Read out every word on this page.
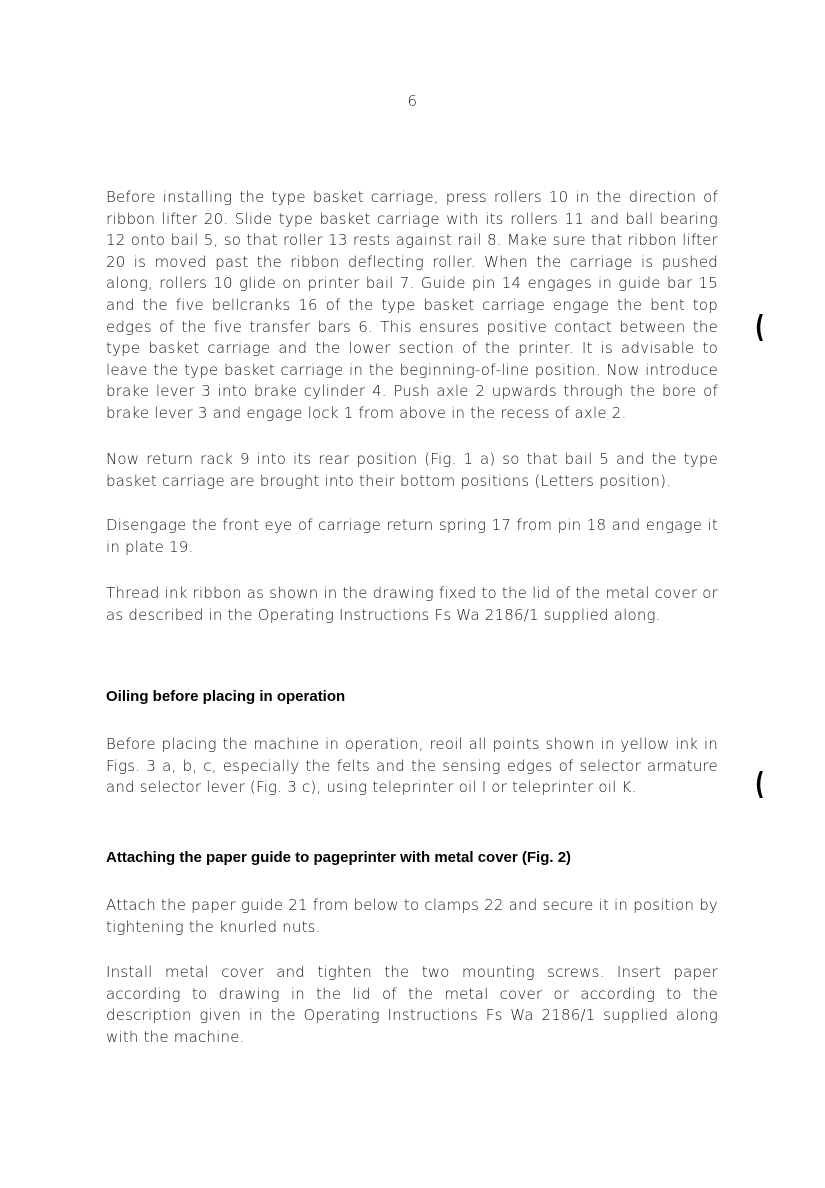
6

Before installing the type basket carriage, press rollers 10 in the direction of ribbon lifter 20. Slide type basket carriage with its rollers 11 and ball bearing 12 onto bail 5, so that roller 13 rests against rail 8. Make sure that ribbon lifter 20 is moved past the ribbon deflecting roller. When the carriage is pushed along, rollers 10 glide on printer bail 7. Guide pin 14 engages in guide bar 15 and the five bellcranks 16 of the type basket carriage engage the bent top edges of the five transfer bars 6. This ensures positive contact between the type basket carriage and the lower section of the printer. It is advisable to leave the type basket carriage in the beginning-of-line position. Now introduce brake lever 3 into brake cylinder 4. Push axle 2 upwards through the bore of brake lever 3 and engage lock 1 from above in the recess of axle 2.

(

Now return rack 9 into its rear position (Fig. 1 a) so that bail 5 and the type basket carriage are brought into their bottom positions (Letters position).

Disengage the front eye of carriage return spring 17 from pin 18 and engage it in plate 19.

Thread ink ribbon as shown in the drawing fixed to the lid of the metal cover or as described in the Operating Instructions Fs Wa 2186/1 supplied along.

Oiling before placing in operation

Before placing the machine in operation, reoil all points shown in yellow ink in Figs. 3 a, b, c, especially the felts and the sensing edges of selector armature and selector lever (Fig. 3 c), using teleprinter oil I or teleprinter oil K.	(
Attaching the paper guide to pageprinter with metal cover (Fig. 2)

Attach the paper guide 21 from below to clamps 22 and secure it in position by tightening the knurled nuts.

Install metal cover and tighten the two mounting screws. Insert paper according to drawing in the lid of the metal cover or according to the description given in the Operating Instructions Fs Wa 2186/1 supplied along with the machine.
